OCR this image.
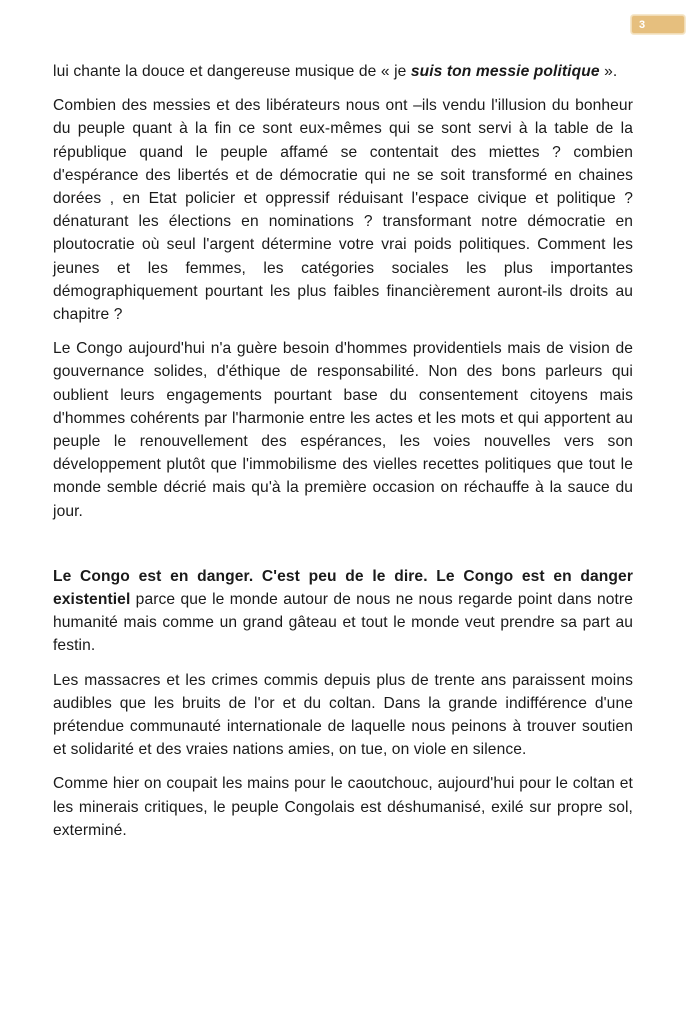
3

lui chante la douce et dangereuse musique de « je suis ton messie politique ».

Combien des messies et des libérateurs nous ont –ils vendu l'illusion du bonheur du peuple quant à la fin ce sont eux-mêmes qui se sont servi à la table de la république quand le peuple affamé se contentait des miettes ? combien d'espérance des libertés et de démocratie qui ne se soit transformé en chaines dorées , en Etat policier et oppressif réduisant l'espace civique et politique ? dénaturant les élections en nominations ? transformant notre démocratie en ploutocratie où seul l'argent détermine votre vrai poids politiques. Comment les jeunes et les femmes, les catégories sociales les plus importantes démographiquement pourtant les plus faibles financièrement auront-ils droits au chapitre ?

Le Congo aujourd'hui n'a guère besoin d'hommes providentiels mais de vision de gouvernance solides, d'éthique de responsabilité. Non des bons parleurs qui oublient leurs engagements pourtant base du consentement citoyens mais d'hommes cohérents par l'harmonie entre les actes et les mots et qui apportent au peuple le renouvellement des espérances, les voies nouvelles vers son développement plutôt que l'immobilisme des vielles recettes politiques que tout le monde semble décrié mais qu'à la première occasion on réchauffe à la sauce du jour.

Le Congo est en danger. C'est peu de le dire. Le Congo est en danger existentiel parce que le monde autour de nous ne nous regarde point dans notre humanité mais comme un grand gâteau et tout le monde veut prendre sa part au festin.

Les massacres et les crimes commis depuis plus de trente ans paraissent moins audibles que les bruits de l'or et du coltan. Dans la grande indifférence d'une prétendue communauté internationale de laquelle nous peinons à trouver soutien et solidarité et des vraies nations amies, on tue, on viole en silence.

Comme hier on coupait les mains pour le caoutchouc, aujourd'hui pour le coltan et les minerais critiques, le peuple Congolais est déshumanisé, exilé sur propre sol, exterminé.
